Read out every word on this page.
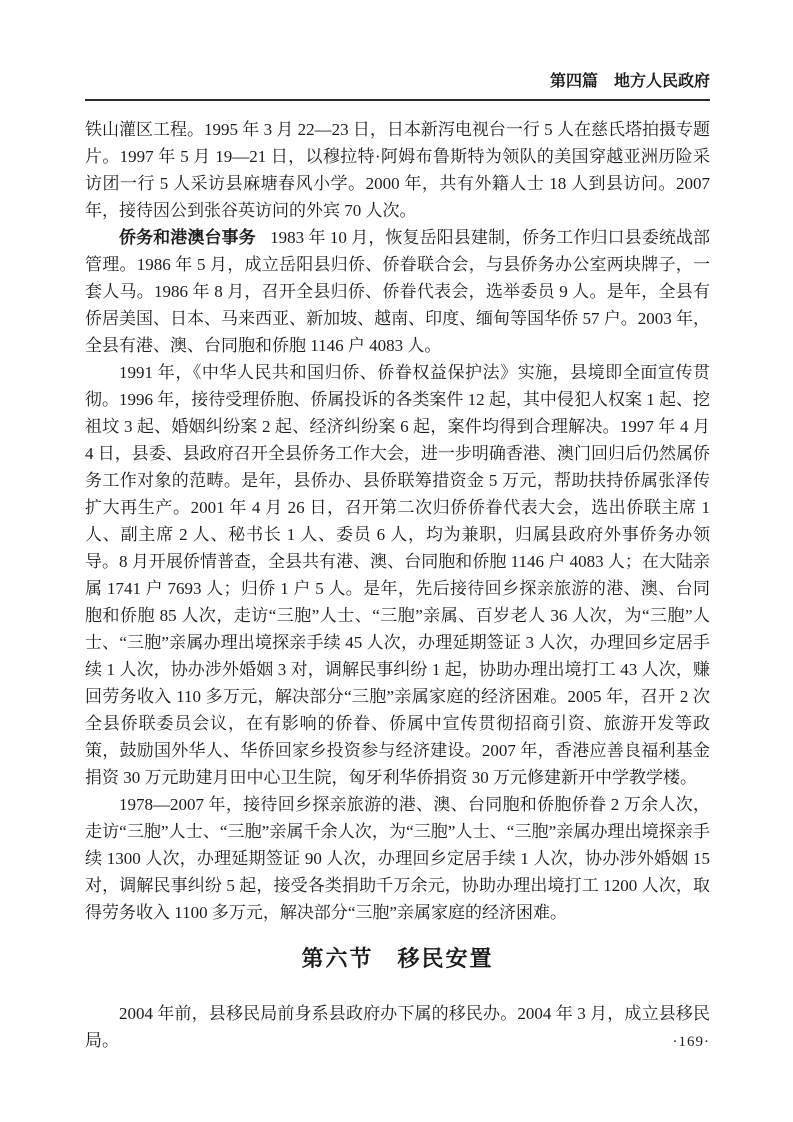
第四篇　地方人民政府

铁山灌区工程。1995 年 3 月 22—23 日，日本新泻电视台一行 5 人在慈氏塔拍摄专题片。1997 年 5 月 19—21 日，以穆拉特·阿姆布鲁斯特为领队的美国穿越亚洲历险采访团一行 5 人采访县麻塘春风小学。2000 年，共有外籍人士 18 人到县访问。2007 年，接待因公到张谷英访问的外宾 70 人次。

侨务和港澳台事务 1983 年 10 月，恢复岳阳县建制，侨务工作归口县委统战部管理。1986 年 5 月，成立岳阳县归侨、侨眷联合会，与县侨务办公室两块牌子，一套人马。1986 年 8 月，召开全县归侨、侨眷代表会，选举委员 9 人。是年，全县有侨居美国、日本、马来西亚、新加坡、越南、印度、缅甸等国华侨 57 户。2003 年，全县有港、澳、台同胞和侨胞 1146 户 4083 人。

1991 年，《中华人民共和国归侨、侨眷权益保护法》实施，县境即全面宣传贯彻。1996 年，接待受理侨胞、侨属投诉的各类案件 12 起，其中侵犯人权案 1 起、挖祖坟 3 起、婚姻纠纷案 2 起、经济纠纷案 6 起，案件均得到合理解决。1997 年 4 月 4 日，县委、县政府召开全县侨务工作大会，进一步明确香港、澳门回归后仍然属侨务工作对象的范畴。是年，县侨办、县侨联筹措资金 5 万元，帮助扶持侨属张泽传扩大再生产。2001 年 4 月 26 日，召开第二次归侨侨眷代表大会，选出侨联主席 1 人、副主席 2 人、秘书长 1 人、委员 6 人，均为兼职，归属县政府外事侨务办领导。8 月开展侨情普查，全县共有港、澳、台同胞和侨胞 1146 户 4083 人；在大陆亲属 1741 户 7693 人；归侨 1 户 5 人。是年，先后接待回乡探亲旅游的港、澳、台同胞和侨胞 85 人次，走访“三胞”人士、“三胞”亲属、百岁老人 36 人次，为“三胞”人士、“三胞”亲属办理出境探亲手续 45 人次，办理延期签证 3 人次，办理回乡定居手续 1 人次，协办涉外婚姻 3 对，调解民事纠纷 1 起，协助办理出境打工 43 人次，赚回劳务收入 110 多万元，解决部分“三胞”亲属家庭的经济困难。2005 年，召开 2 次全县侨联委员会议，在有影响的侨眷、侨属中宣传贯彻招商引资、旅游开发等政策，鼓励国外华人、华侨回家乡投资参与经济建设。2007 年，香港应善良福利基金捐资 30 万元助建月田中心卫生院，匈牙利华侨捐资 30 万元修建新开中学教学楼。

1978—2007 年，接待回乡探亲旅游的港、澳、台同胞和侨胞侨眷 2 万余人次，走访“三胞”人士、“三胞”亲属千余人次，为“三胞”人士、“三胞”亲属办理出境探亲手续 1300 人次，办理延期签证 90 人次，办理回乡定居手续 1 人次，协办涉外婚姻 15 对，调解民事纠纷 5 起，接受各类捐助千万余元，协助办理出境打工 1200 人次，取得劳务收入 1100 多万元，解决部分“三胞”亲属家庭的经济困难。

第六节　移民安置

2004 年前，县移民局前身系县政府办下属的移民办。2004 年 3 月，成立县移民局。	·169·
